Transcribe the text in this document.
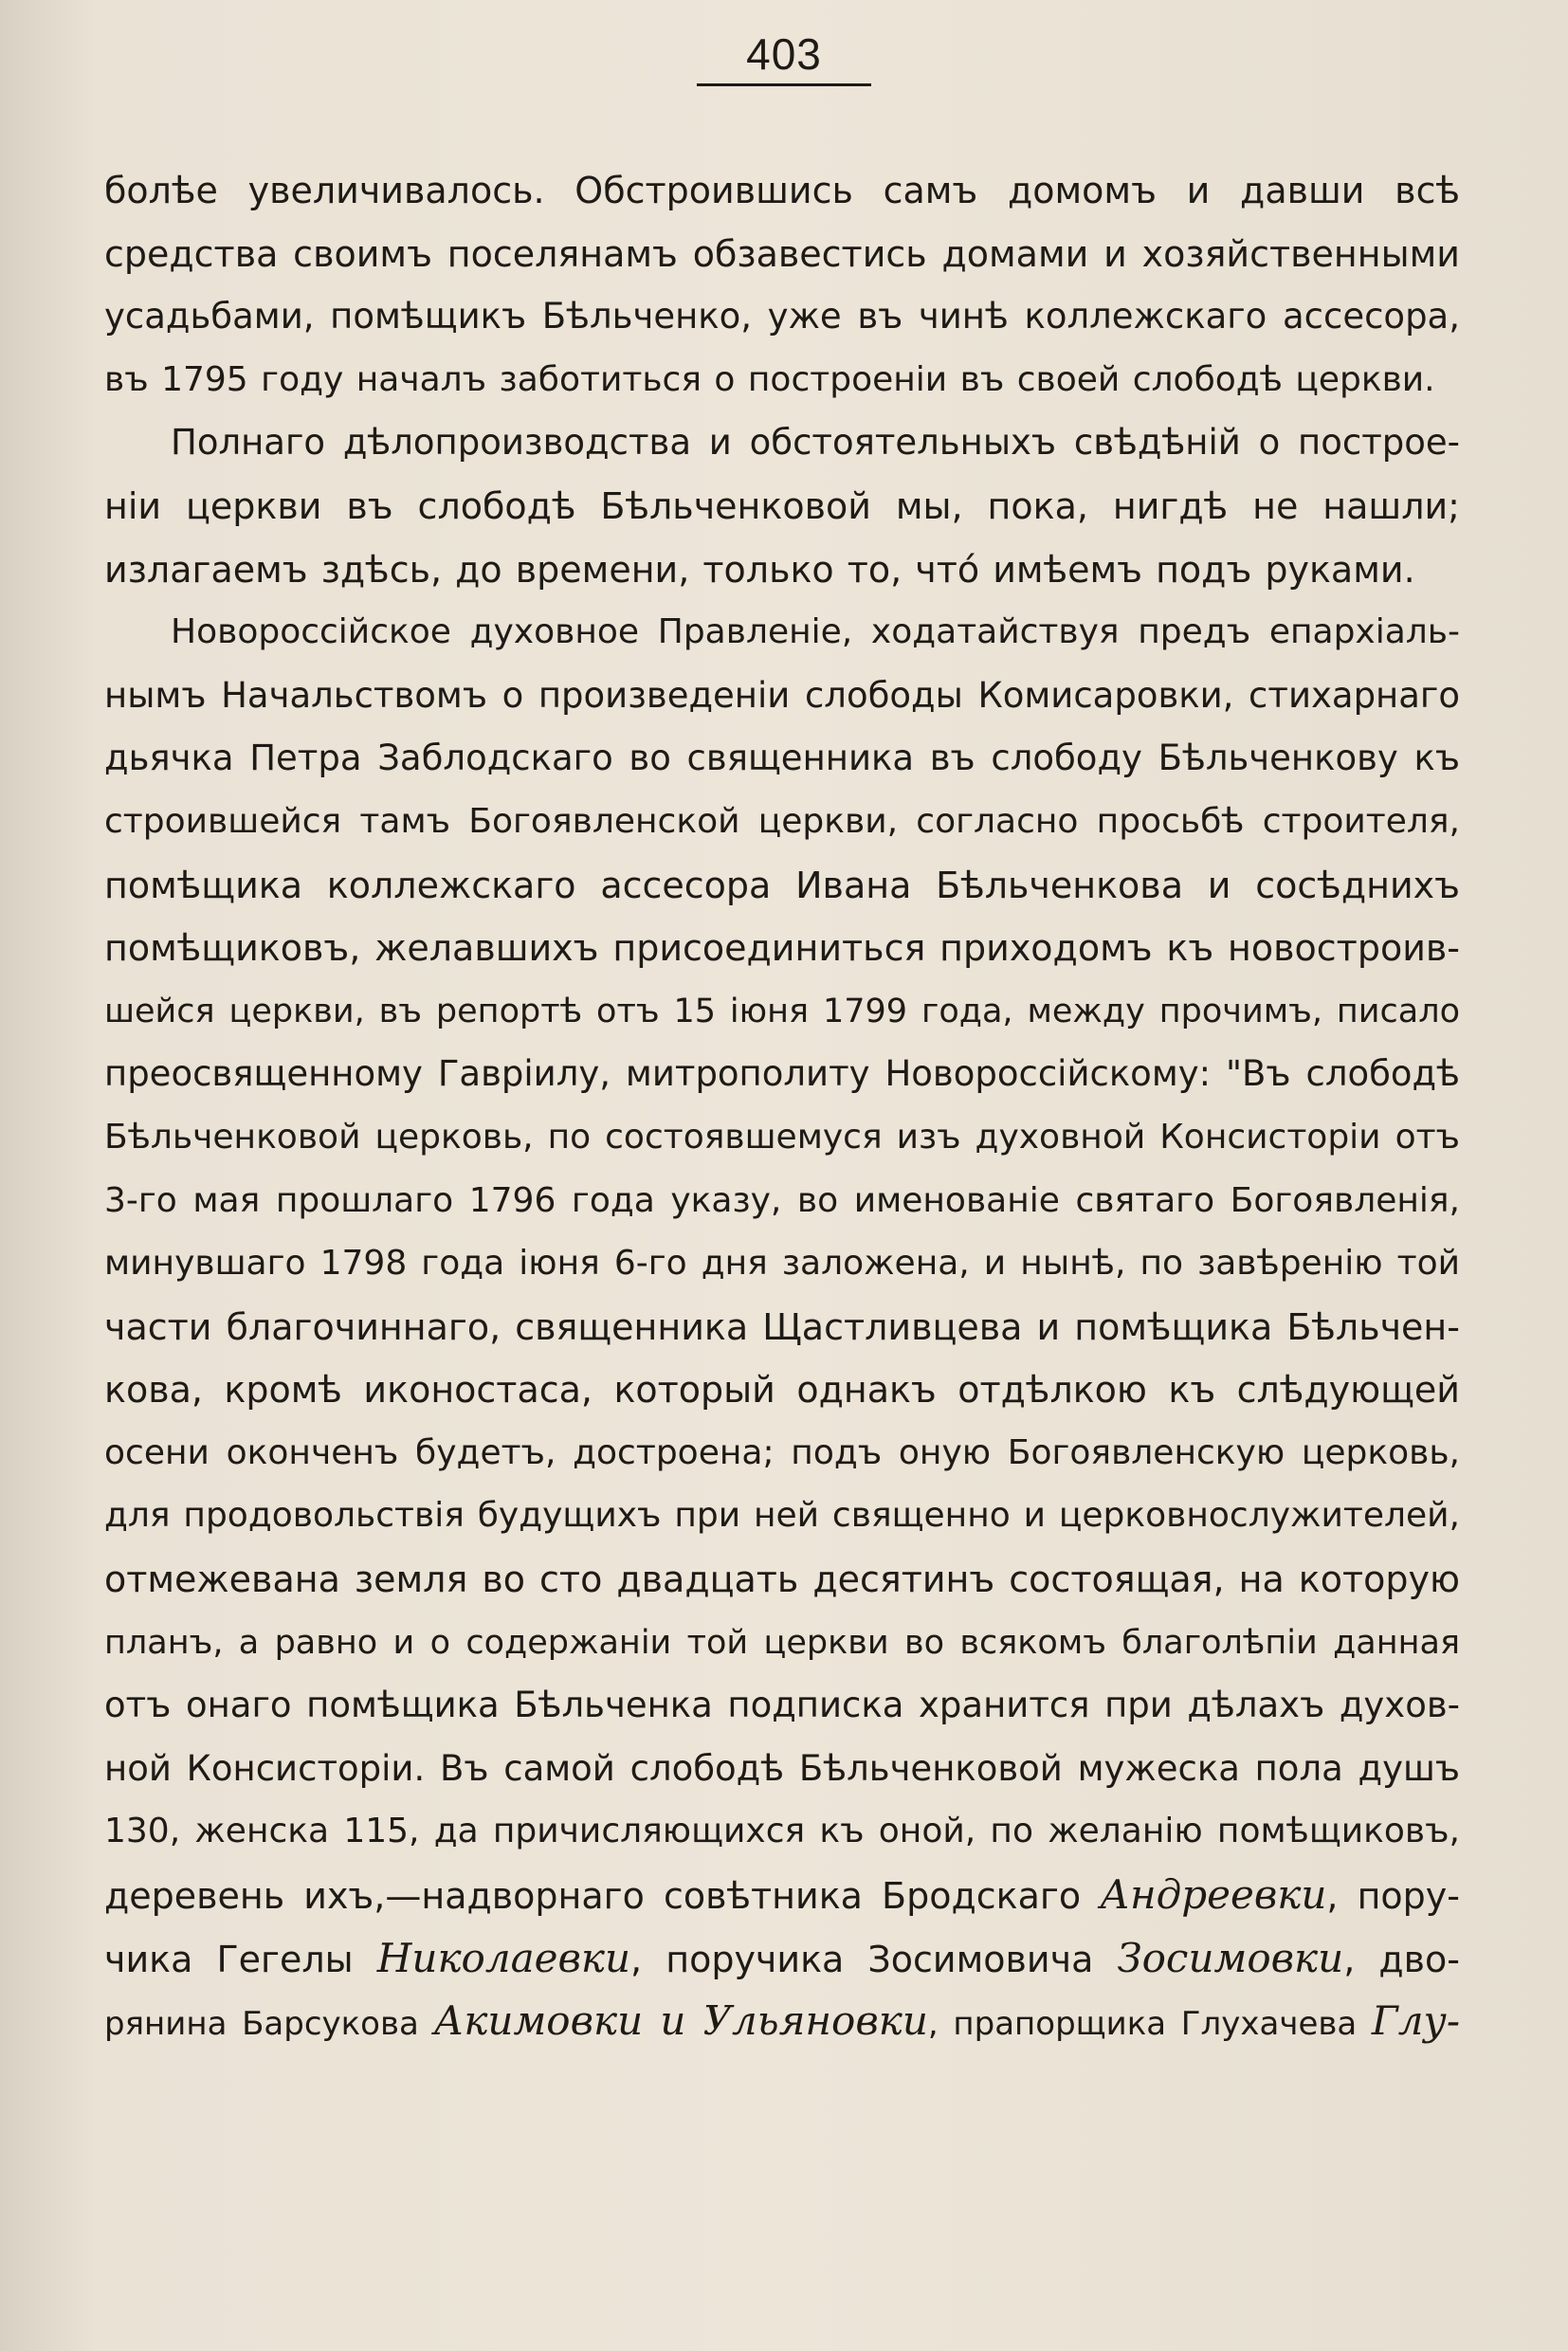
403
болѣе увеличивалось. Обстроившись самъ домомъ и давши всѣ
средства своимъ поселянамъ обзавестись домами и хозяйственными
усадьбами, помѣщикъ Бѣльченко, уже въ чинѣ коллежскаго ассесора,
въ 1795 году началъ заботиться о построеніи въ своей слободѣ церкви.
Полнаго дѣлопроизводства и обстоятельныхъ свѣдѣній о построе-
ніи церкви въ слободѣ Бѣльченковой мы, пока, нигдѣ не нашли;
излагаемъ здѣсь, до времени, только то, что́ имѣемъ подъ руками.
Новороссійское духовное Правленіе, ходатайствуя предъ епархіаль-
нымъ Начальствомъ о произведеніи слободы Комисаровки, стихарнаго
дьячка Петра Заблодскаго во священника въ слободу Бѣльченкову къ
строившейся тамъ Богоявленской церкви, согласно просьбѣ строителя,
помѣщика коллежскаго ассесора Ивана Бѣльченкова и сосѣднихъ
помѣщиковъ, желавшихъ присоединиться приходомъ къ новостроив-
шейся церкви, въ репортѣ отъ 15 іюня 1799 года, между прочимъ, писало
преосвященному Гавріилу, митрополиту Новороссійскому: "Въ слободѣ
Бѣльченковой церковь, по состоявшемуся изъ духовной Консисторіи отъ
3-го мая прошлаго 1796 года указу, во именованіе святаго Богоявленія,
минувшаго 1798 года іюня 6-го дня заложена, и нынѣ, по завѣренію той
части благочиннаго, священника Щастливцева и помѣщика Бѣльчен-
кова, кромѣ иконостаса, который однакъ отдѣлкою къ слѣдующей
осени оконченъ будетъ, достроена; подъ оную Богоявленскую церковь,
для продовольствія будущихъ при ней священно и церковнослужителей,
отмежевана земля во сто двадцать десятинъ состоящая, на которую
планъ, а равно и о содержаніи той церкви во всякомъ благолѣпіи данная
отъ онаго помѣщика Бѣльченка подписка хранится при дѣлахъ духов-
ной Консисторіи. Въ самой слободѣ Бѣльченковой мужеска пола душъ
130, женска 115, да причисляющихся къ оной, по желанію помѣщиковъ,
деревень ихъ,—надворнаго совѣтника Бродскаго Андреевки, пору-
чика Гегелы Николаевки, поручика Зосимовича Зосимовки, дво-
рянина Барсукова Акимовки и Ульяновки, прапорщика Глухачева Глу-
